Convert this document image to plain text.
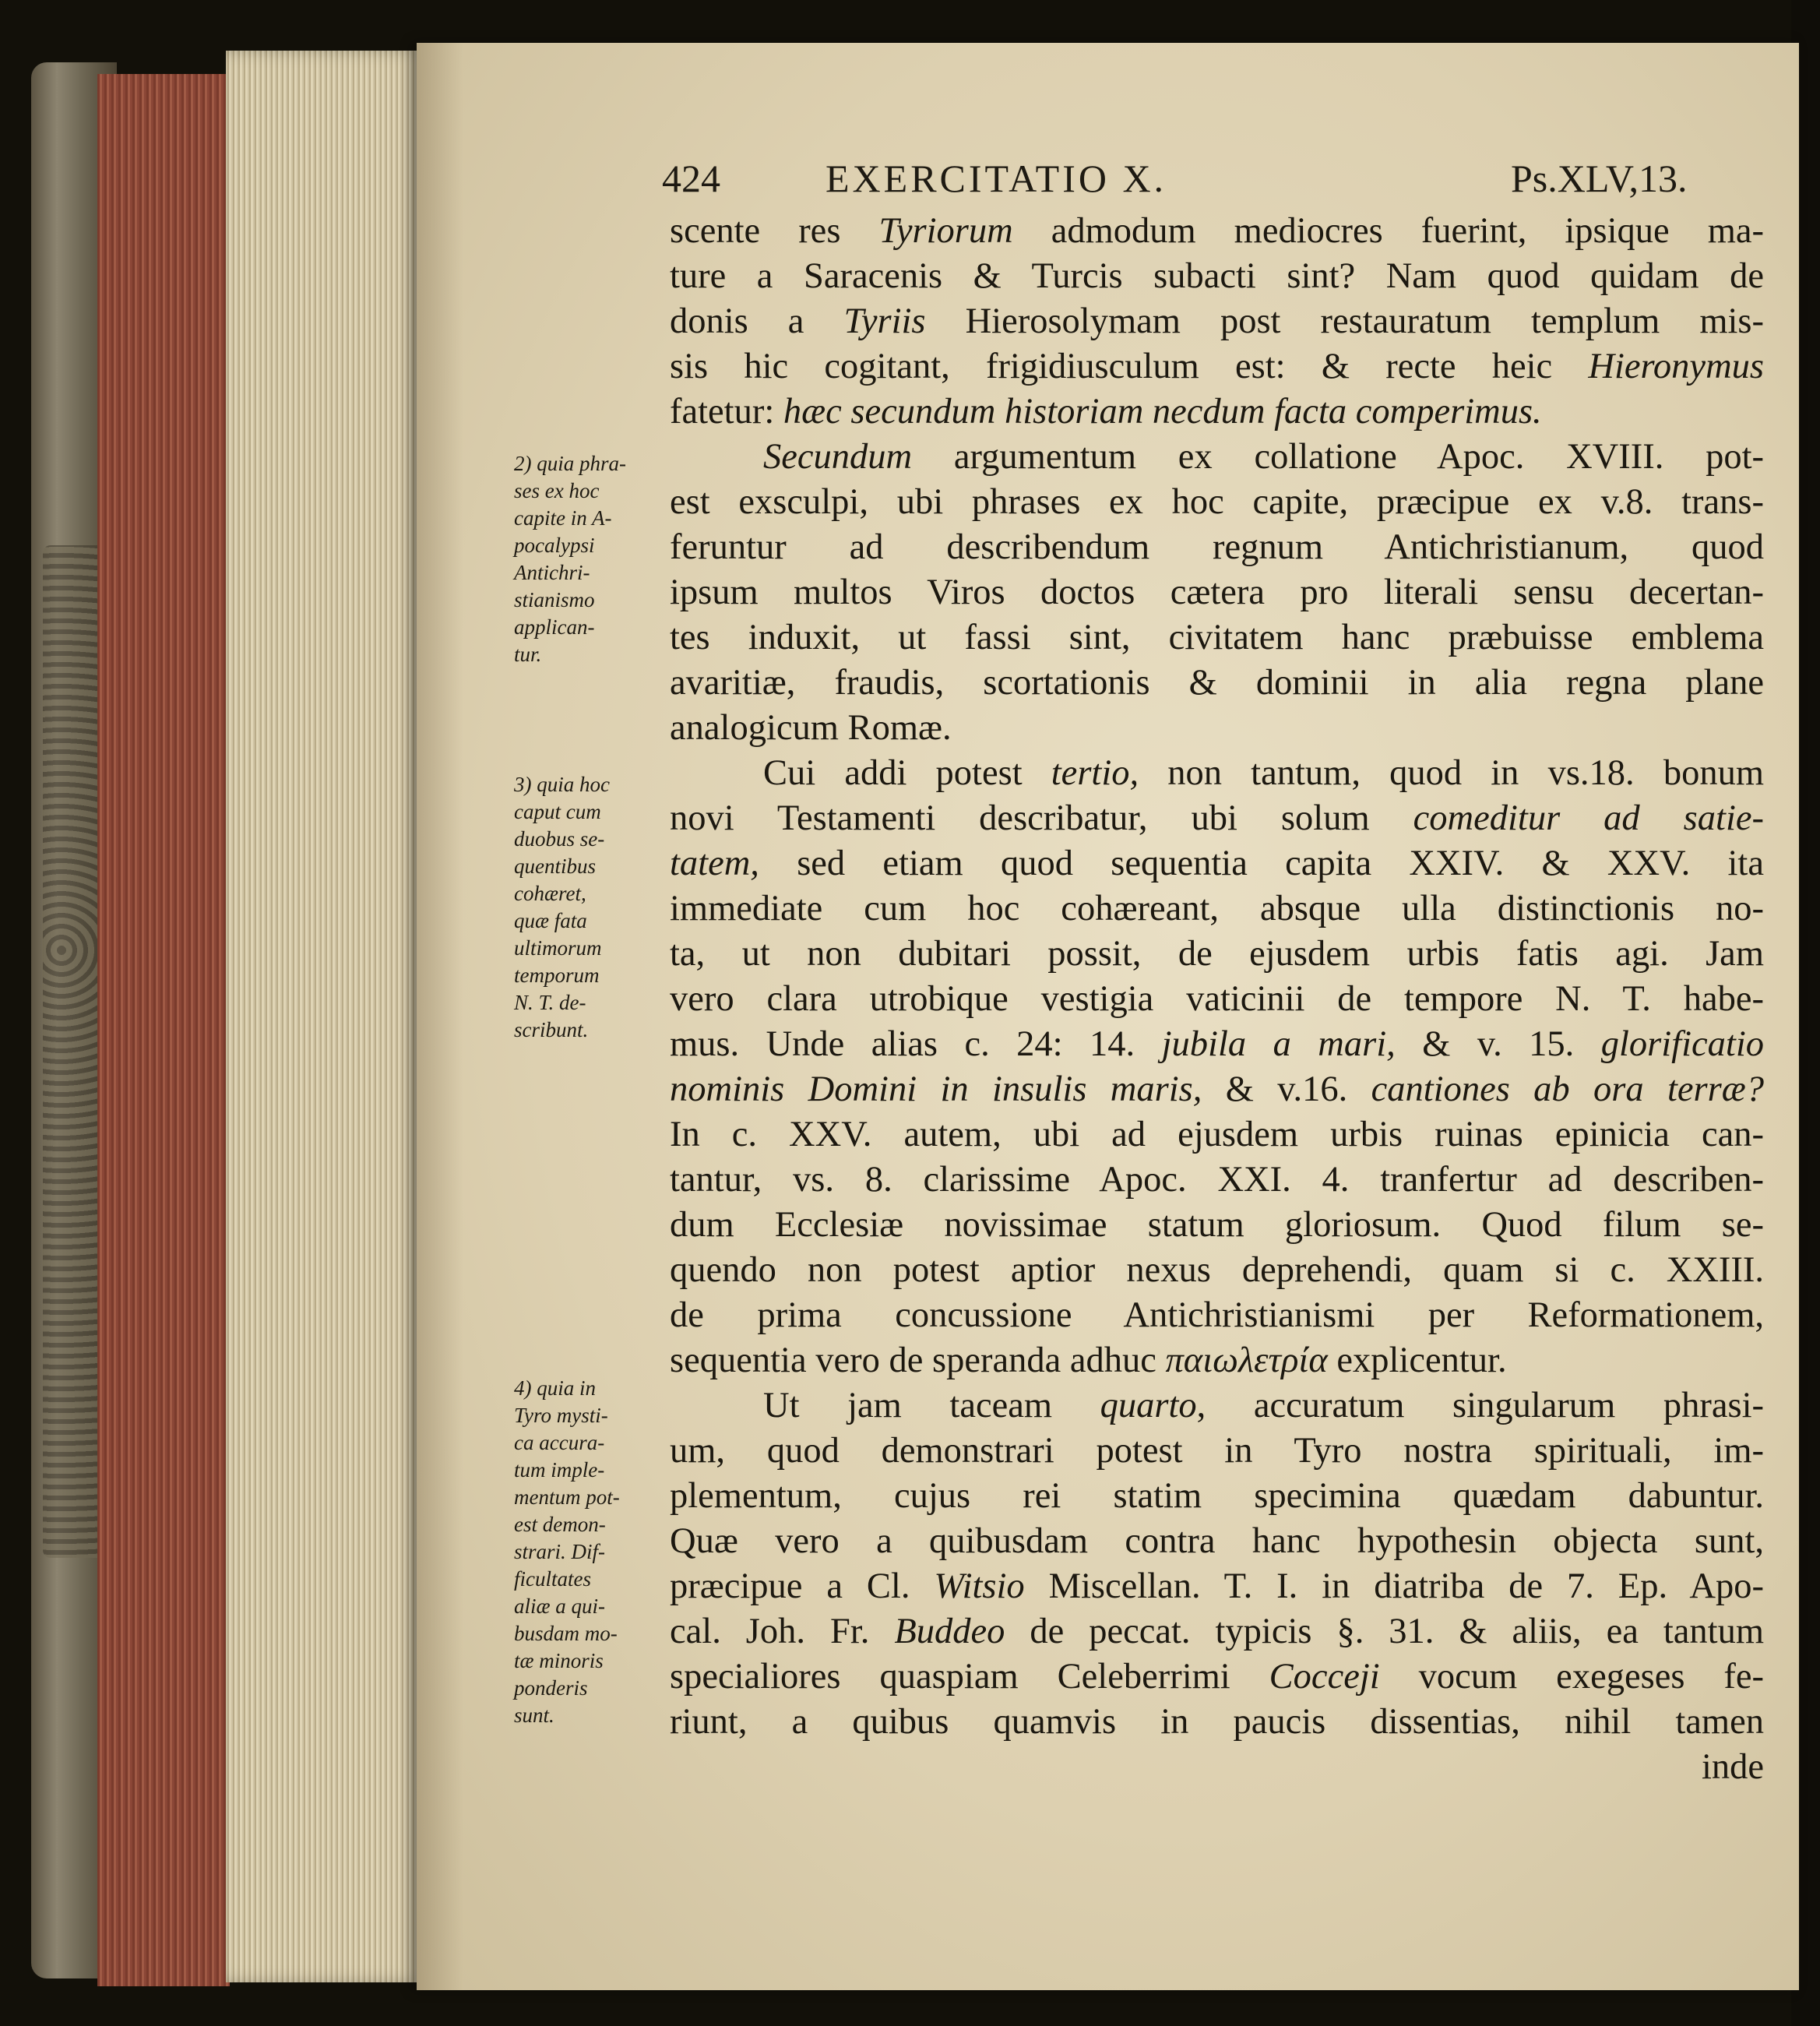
424	EXERCITATIO X.	Ps.XLV,13.
scente res Tyriorum admodum mediocres fuerint, ipsique ma-
ture a Saracenis & Turcis subacti sint? Nam quod quidam de
donis a Tyriis Hierosolymam post restauratum templum mis-
sis hic cogitant, frigidiusculum est: & recte heic Hieronymus
fatetur: hæc secundum historiam necdum facta comperimus.
Secundum argumentum ex collatione Apoc. XVIII. pot-
est exsculpi, ubi phrases ex hoc capite, præcipue ex v.8. trans-
feruntur ad describendum regnum Antichristianum, quod
ipsum multos Viros doctos cætera pro literali sensu decertan-
tes induxit, ut fassi sint, civitatem hanc præbuisse emblema
avaritiæ, fraudis, scortationis & dominii in alia regna plane
analogicum Romæ.
Cui addi potest tertio, non tantum, quod in vs.18. bonum
novi Testamenti describatur, ubi solum comeditur ad satie-
tatem, sed etiam quod sequentia capita XXIV. & XXV. ita
immediate cum hoc cohæreant, absque ulla distinctionis no-
ta, ut non dubitari possit, de ejusdem urbis fatis agi. Jam
vero clara utrobique vestigia vaticinii de tempore N. T. habe-
mus. Unde alias c. 24: 14. jubila a mari, & v. 15. glorificatio
nominis Domini in insulis maris, & v.16. cantiones ab ora terræ?
In c. XXV. autem, ubi ad ejusdem urbis ruinas epinicia can-
tantur, vs. 8. clarissime Apoc. XXI. 4. tranfertur ad describen-
dum Ecclesiæ novissimae statum gloriosum. Quod filum se-
quendo non potest aptior nexus deprehendi, quam si c. XXIII.
de prima concussione Antichristianismi per Reformationem,
sequentia vero de speranda adhuc παιωλετρία explicentur.
Ut jam taceam quarto, accuratum singularum phrasi-
um, quod demonstrari potest in Tyro nostra spirituali, im-
plementum, cujus rei statim specimina quædam dabuntur.
Quæ vero a quibusdam contra hanc hypothesin objecta sunt,
præcipue a Cl. Witsio Miscellan. T. I. in diatriba de 7. Ep. Apo-
cal. Joh. Fr. Buddeo de peccat. typicis §. 31. & aliis, ea tantum
specialiores quaspiam Celeberrimi Cocceji vocum exegeses fe-
riunt, a quibus quamvis in paucis dissentias, nihil tamen
inde
2) quia phra-
ses ex hoc
capite in A-
pocalypsi
Antichri-
stianismo
applican-
tur.
3) quia hoc
caput cum
duobus se-
quentibus
cohæret,
quæ fata
ultimorum
temporum
N. T. de-
scribunt.
4) quia in
Tyro mysti-
ca accura-
tum imple-
mentum pot-
est demon-
strari. Dif-
ficultates
aliæ a qui-
busdam mo-
tæ minoris
ponderis
sunt.
